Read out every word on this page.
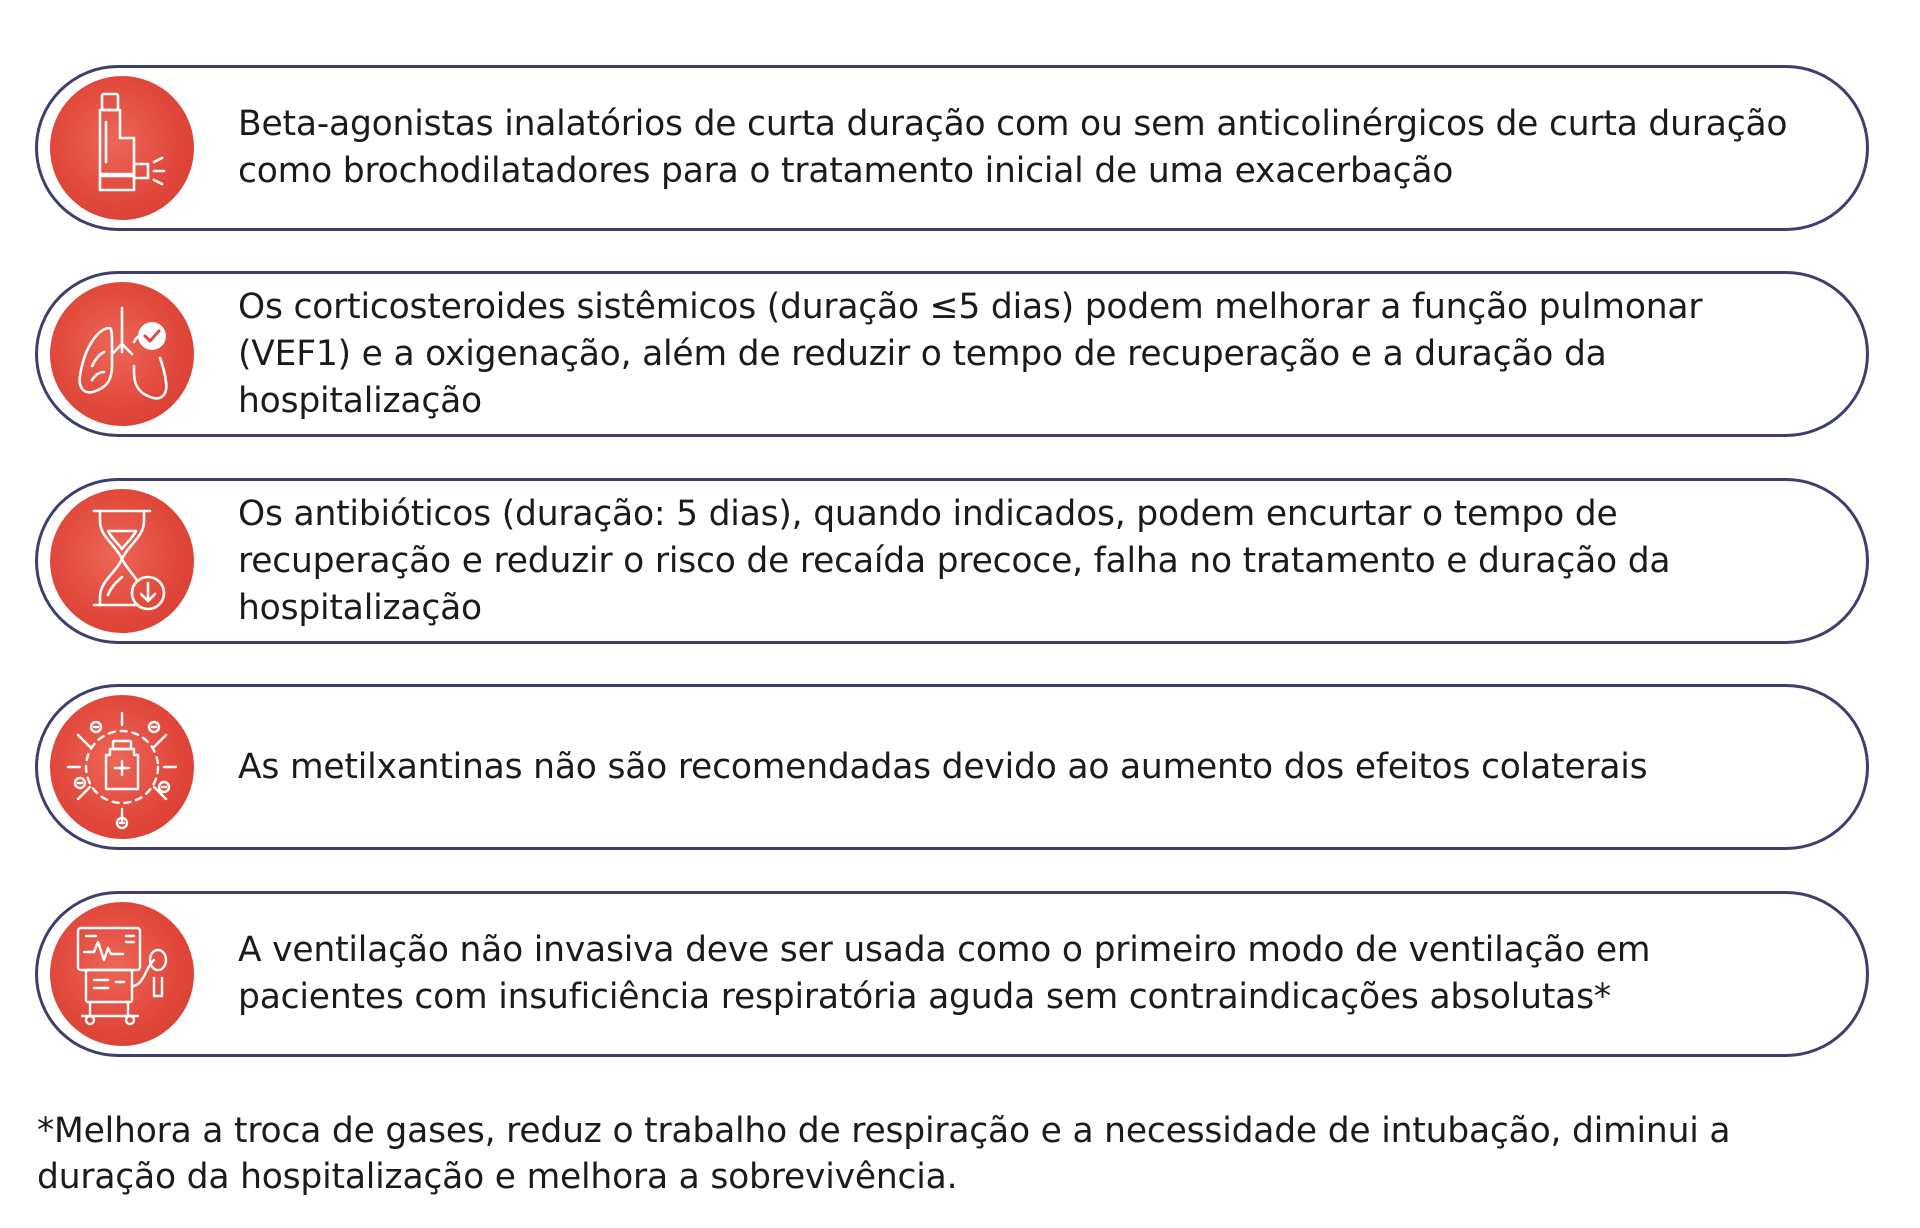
Beta-agonistas inalatórios de curta duração com ou sem anticolinérgicos de curta duração como brochodilatadores para o tratamento inicial de uma exacerbação
Os corticosteroides sistêmicos (duração ≤5 dias) podem melhorar a função pulmonar (VEF1) e a oxigenação, além de reduzir o tempo de recuperação e a duração da hospitalização
Os antibióticos (duração: 5 dias), quando indicados, podem encurtar o tempo de recuperação e reduzir o risco de recaída precoce, falha no tratamento e duração da hospitalização
As metilxantinas não são recomendadas devido ao aumento dos efeitos colaterais
A ventilação não invasiva deve ser usada como o primeiro modo de ventilação em pacientes com insuficiência respiratória aguda sem contraindicações absolutas*
*Melhora a troca de gases, reduz o trabalho de respiração e a necessidade de intubação, diminui a duração da hospitalização e melhora a sobrevivência.
